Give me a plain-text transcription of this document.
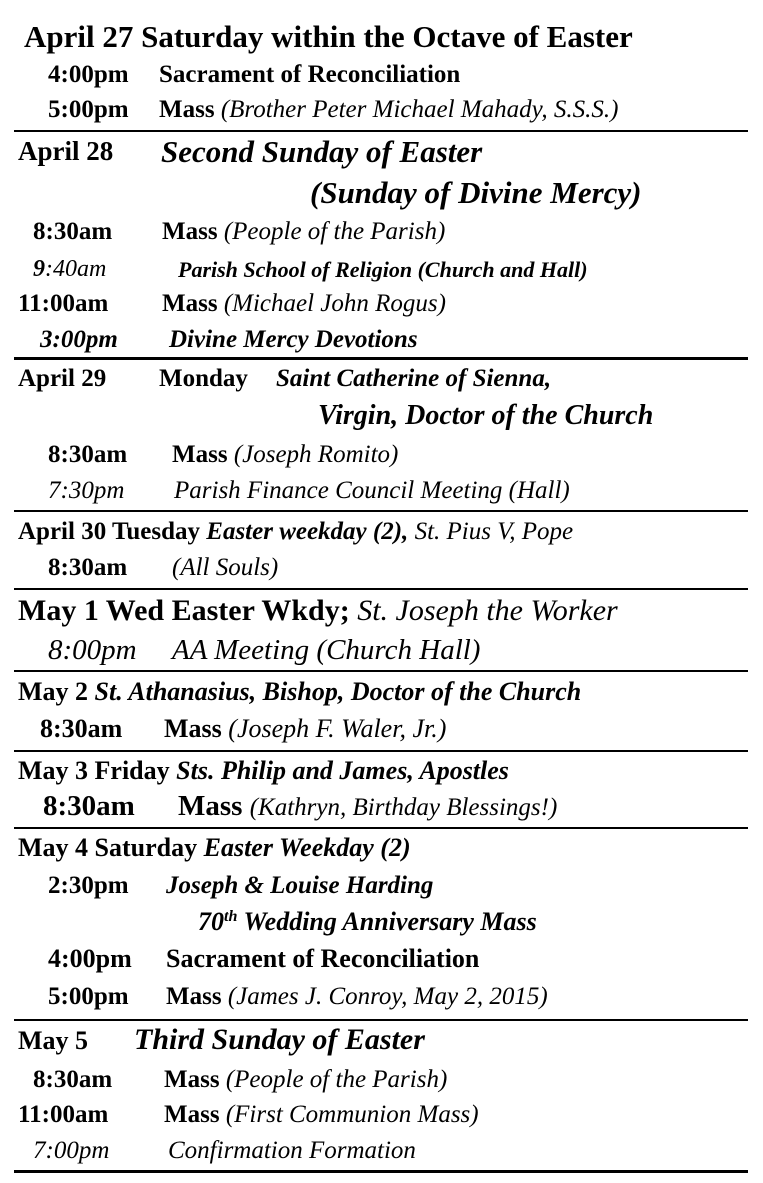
April 27 Saturday within the Octave of Easter
4:00pm Sacrament of Reconciliation
5:00pm Mass (Brother Peter Michael Mahady, S.S.S.)
April 28 Second Sunday of Easter
(Sunday of Divine Mercy)
8:30am Mass (People of the Parish)
9:40am	Parish School of Religion (Church and Hall)
11:00am Mass (Michael John Rogus)
3:00pm Divine Mercy Devotions
April 29 Monday Saint Catherine of Sienna,
Virgin, Doctor of the Church
8:30am Mass (Joseph Romito)
7:30pm Parish Finance Council Meeting (Hall)
April 30 Tuesday Easter weekday (2), St. Pius V, Pope
8:30am (All Souls)
May 1 Wed Easter Wkdy; St. Joseph the Worker
8:00pm AA Meeting (Church Hall)
May 2 St. Athanasius, Bishop, Doctor of the Church
8:30am Mass (Joseph F. Waler, Jr.)
May 3 Friday Sts. Philip and James, Apostles
8:30am Mass (Kathryn, Birthday Blessings!)
May 4 Saturday Easter Weekday (2)
2:30pm Joseph & Louise Harding
70th Wedding Anniversary Mass
4:00pm Sacrament of Reconciliation
5:00pm Mass (James J. Conroy, May 2, 2015)
May 5 Third Sunday of Easter
8:30am Mass (People of the Parish)
11:00am Mass (First Communion Mass)
7:00pm Confirmation Formation
